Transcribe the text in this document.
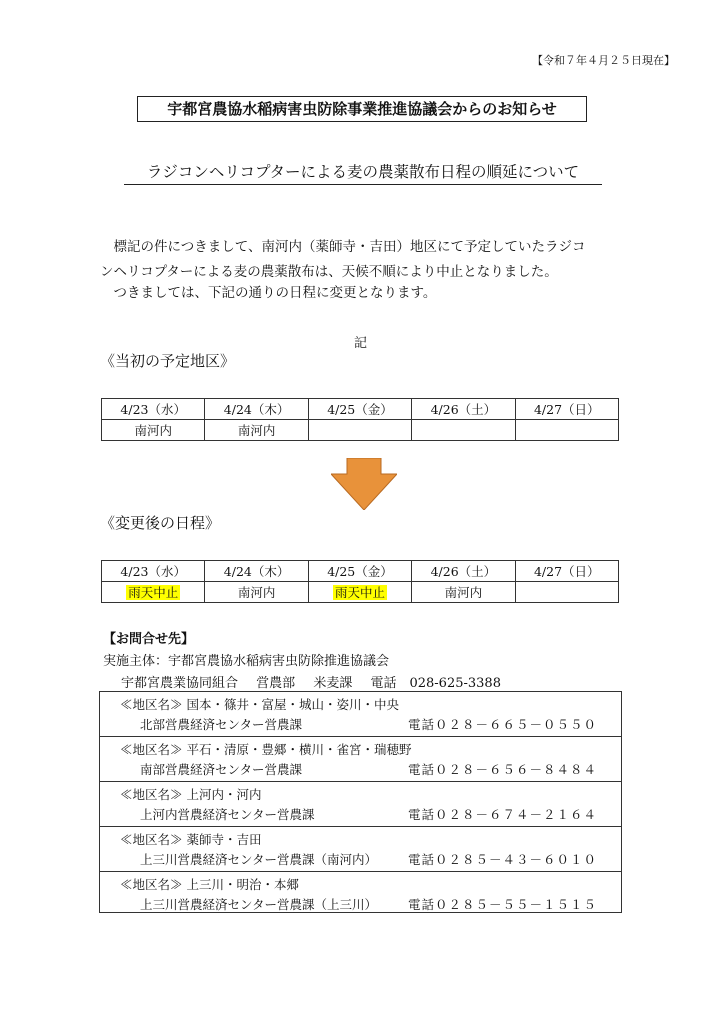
【令和７年４月２５日現在】
宇都宮農協水稲病害虫防除事業推進協議会からのお知らせ
ラジコンヘリコプターによる麦の農薬散布日程の順延について
　標記の件につきまして、南河内（薬師寺・吉田）地区にて予定していたラジコ
ンヘリコプターによる麦の農薬散布は、天候不順により中止となりました。
　つきましては、下記の通りの日程に変更となります。
記
《当初の予定地区》
4/23（水）	4/24（木）	4/25（金）	4/26（土）	4/27（日）
南河内	南河内			
《変更後の日程》
4/23（水）	4/24（木）	4/25（金）	4/26（土）	4/27（日）
雨天中止	南河内	雨天中止	南河内	
【お問合せ先】
実施主体：宇都宮農協水稲病害虫防除推進協議会
宇都宮農業協同組合 営農部 米麦課 電話　028-625-3388
≪地区名≫ 国本・篠井・富屋・城山・姿川・中央
北部営農経済センター営農課	電話０２８－６６５－０５５０
≪地区名≫ 平石・清原・豊郷・横川・雀宮・瑞穂野
南部営農経済センター営農課	電話０２８－６５６－８４８４
≪地区名≫ 上河内・河内
上河内営農経済センター営農課	電話０２８－６７４－２１６４
≪地区名≫ 薬師寺・吉田
上三川営農経済センター営農課（南河内） 電話０２８５－４３－６０１０
≪地区名≫ 上三川・明治・本郷
上三川営農経済センター営農課（上三川） 電話０２８５－５５－１５１５
